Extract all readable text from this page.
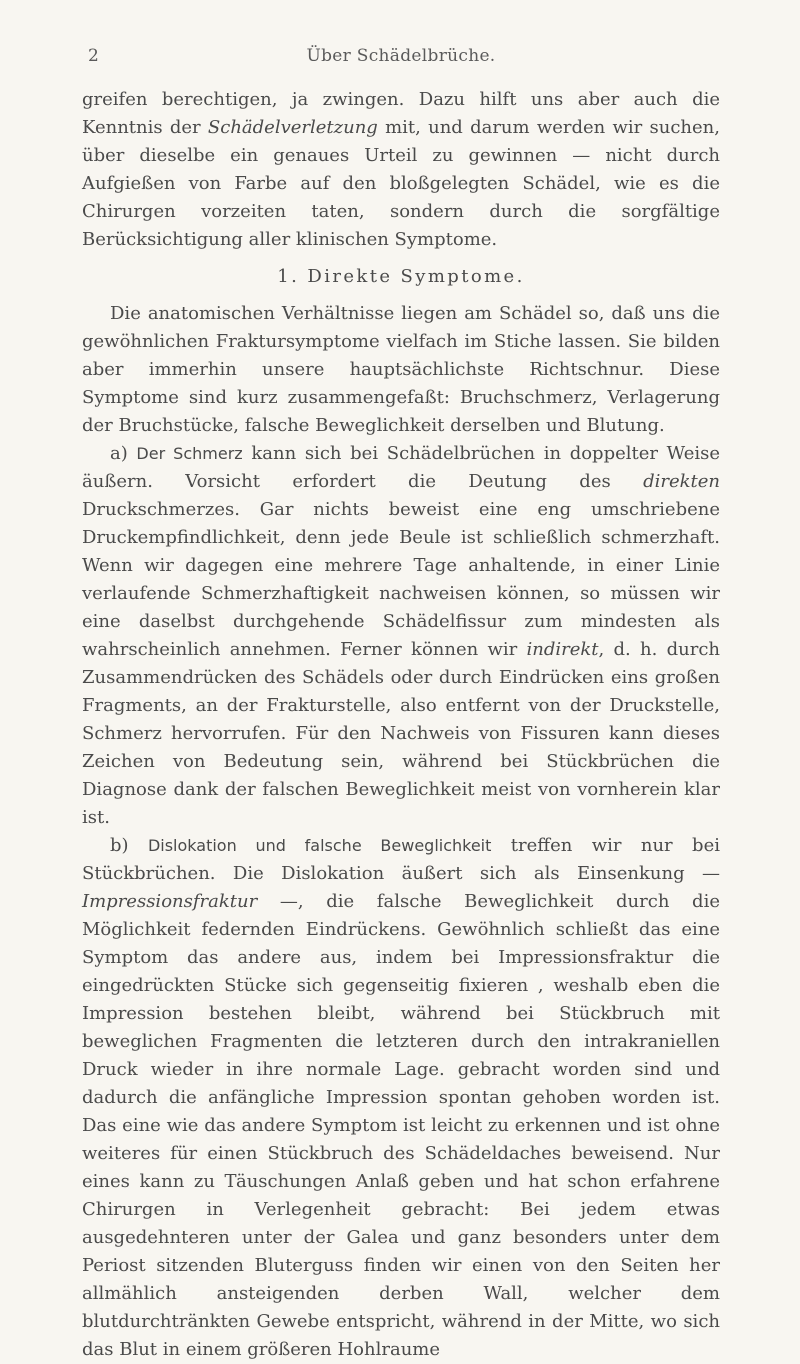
2	Über Schädelbrüche.

greifen berechtigen, ja zwingen. Dazu hilft uns aber auch die Kenntnis der Schädelverletzung mit, und darum werden wir suchen, über dieselbe ein genaues Urteil zu gewinnen — nicht durch Aufgießen von Farbe auf den bloßgelegten Schädel, wie es die Chirurgen vorzeiten taten, sondern durch die sorgfältige Berücksichtigung aller klinischen Symptome.

1. Direkte Symptome.

Die anatomischen Verhältnisse liegen am Schädel so, daß uns die gewöhnlichen Fraktursymptome vielfach im Stiche lassen. Sie bilden aber immerhin unsere hauptsächlichste Richtschnur. Diese Symptome sind kurz zusammengefaßt: Bruchschmerz, Verlagerung der Bruchstücke, falsche Beweglichkeit derselben und Blutung.

a) Der Schmerz kann sich bei Schädelbrüchen in doppelter Weise äußern. Vorsicht erfordert die Deutung des direkten Druckschmerzes. Gar nichts beweist eine eng umschriebene Druckempfindlichkeit, denn jede Beule ist schließlich schmerzhaft. Wenn wir dagegen eine mehrere Tage anhaltende, in einer Linie verlaufende Schmerzhaftigkeit nachweisen können, so müssen wir eine daselbst durchgehende Schädelfissur zum mindesten als wahrscheinlich annehmen. Ferner können wir indirekt, d. h. durch Zusammendrücken des Schädels oder durch Eindrücken eins großen Fragments, an der Frakturstelle, also entfernt von der Druckstelle, Schmerz hervorrufen. Für den Nachweis von Fissuren kann dieses Zeichen von Bedeutung sein, während bei Stückbrüchen die Diagnose dank der falschen Beweglichkeit meist von vornherein klar ist.

b) Dislokation und falsche Beweglichkeit treffen wir nur bei Stückbrüchen. Die Dislokation äußert sich als Einsenkung — Impressionsfraktur —, die falsche Beweglichkeit durch die Möglichkeit federnden Eindrückens. Gewöhnlich schließt das eine Symptom das andere aus, indem bei Impressionsfraktur die eingedrückten Stücke sich gegenseitig fixieren , weshalb eben die Impression bestehen bleibt, während bei Stückbruch mit beweglichen Fragmenten die letzteren durch den intrakraniellen Druck wieder in ihre normale Lage. gebracht worden sind und dadurch die anfängliche Impression spontan gehoben worden ist. Das eine wie das andere Symptom ist leicht zu erkennen und ist ohne weiteres für einen Stückbruch des Schädeldaches beweisend. Nur eines kann zu Täuschungen Anlaß geben und hat schon erfahrene Chirurgen in Verlegenheit gebracht: Bei jedem etwas ausgedehnteren unter der Galea und ganz besonders unter dem Periost sitzenden Bluterguss finden wir einen von den Seiten her allmählich ansteigenden derben Wall, welcher dem blutdurchtränkten Gewebe entspricht, während in der Mitte, wo sich das Blut in einem größeren Hohlraume
